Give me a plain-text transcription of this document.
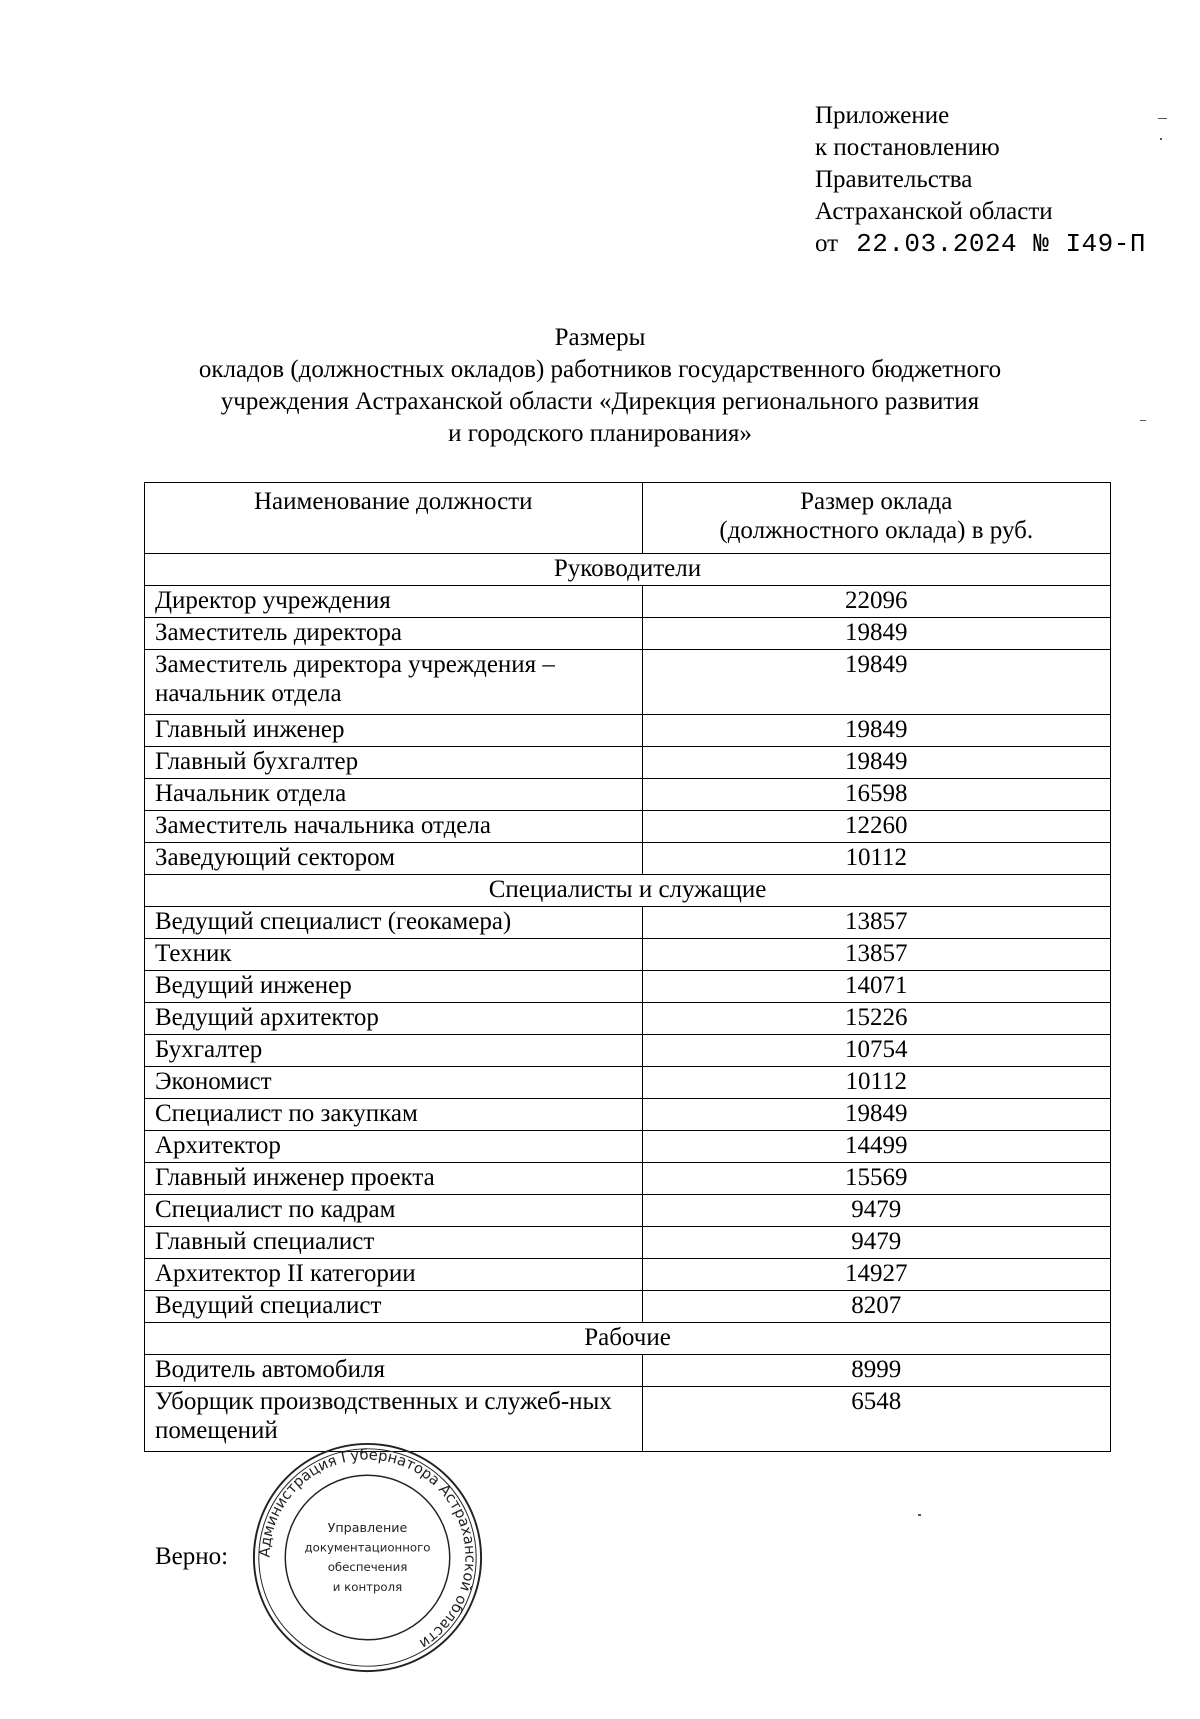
Приложение
к постановлению
Правительства
Астраханской области
от 22.03.2024 № I49-П
Размеры
окладов (должностных окладов) работников государственного бюджетного
учреждения Астраханской области «Дирекция регионального развития
и городского планирования»
Наименование должности	Размер оклада
(должностного оклада) в руб.

Руководители	
Директор учреждения	22096
Заместитель директора	19849
Заместитель директора учреждения – начальник отдела	19849
Главный инженер	19849
Главный бухгалтер	19849
Начальник отдела	16598
Заместитель начальника отдела	12260
Заведующий сектором	10112
Специалисты и служащие	
Ведущий специалист (геокамера)	13857
Техник	13857
Ведущий инженер	14071
Ведущий архитектор	15226
Бухгалтер	10754
Экономист	10112
Специалист по закупкам	19849
Архитектор	14499
Главный инженер проекта	15569
Специалист по кадрам	9479
Главный специалист	9479
Архитектор II категории	14927
Ведущий специалист	8207
Рабочие	
Водитель автомобиля	8999
Уборщик производственных и служеб-ных помещений	6548
Верно: Администрация Губернатора Астраханской области
Управление
документационного
обеспечения
и контроля
